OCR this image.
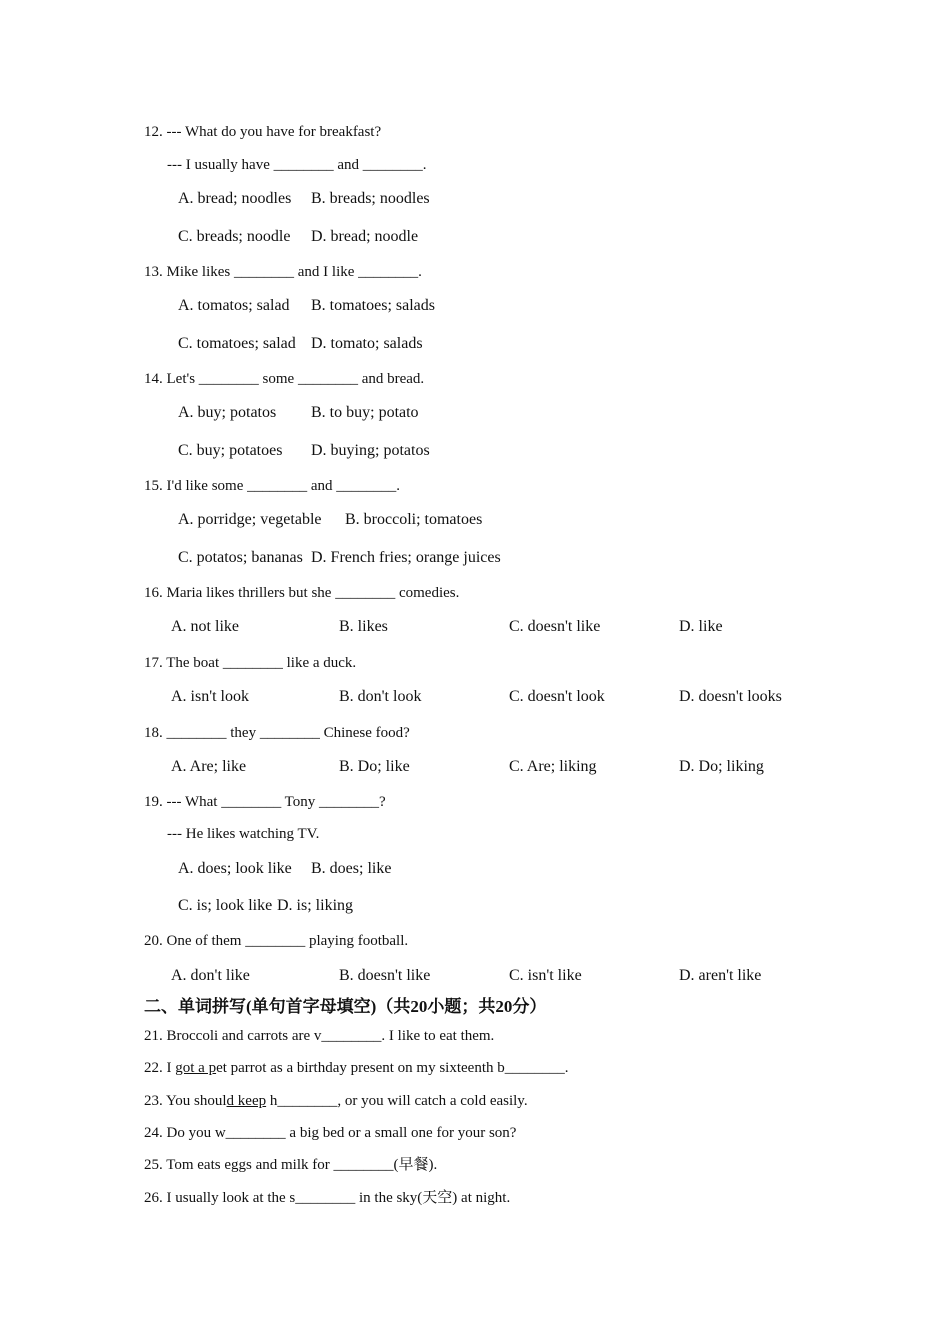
12. --- What do you have for breakfast?
--- I usually have ________ and ________.
A. bread; noodles B. breads; noodles
C. breads; noodle D. bread; noodle
13. Mike likes ________ and I like ________.
A. tomatos; salad B. tomatoes; salads
C. tomatoes; salad D. tomato; salads
14. Let's ________ some ________ and bread.
A. buy; potatos B. to buy; potato
C. buy; potatoes D. buying; potatos
15. I'd like some ________ and ________.
A. porridge; vegetable B. broccoli; tomatoes
C. potatos; bananas D. French fries; orange juices
16. Maria likes thrillers but she ________ comedies.
A. not like	B. likes	C. doesn't like	D. like
17. The boat ________ like a duck.
A. isn't look	B. don't look	C. doesn't look	D. doesn't looks
18. ________ they ________ Chinese food?
A. Are; like	B. Do; like	C. Are; liking	D. Do; liking
19. --- What ________ Tony ________?
--- He likes watching TV.
A. does; look like B. does; like
C. is; look like D. is; liking
20. One of them ________ playing football.
A. don't like	B. doesn't like	C. isn't like	D. aren't like
二、单词拼写(单句首字母填空)（共20小题；共20分）
21. Broccoli and carrots are v________. I like to eat them.
22. I got a pet parrot as a birthday present on my sixteenth b________.
23. You should keep h________, or you will catch a cold easily.
24. Do you w________ a big bed or a small one for your son?
25. Tom eats eggs and milk for ________(早餐).
26. I usually look at the s________ in the sky(天空) at night.
